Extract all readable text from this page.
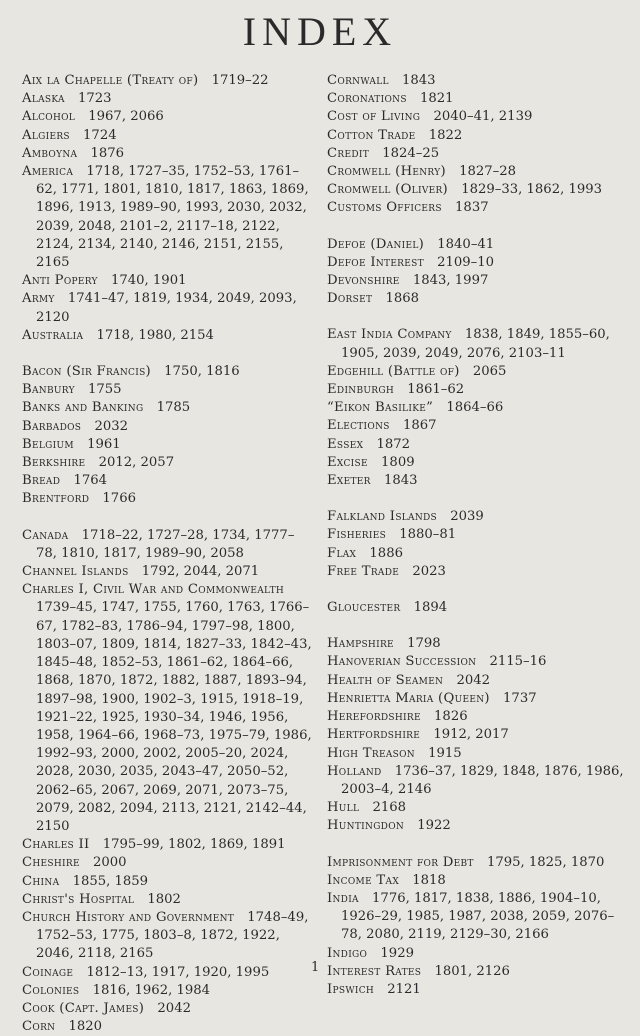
INDEX

Aix la Chapelle (Treaty of)  1719–22

Alaska  1723

Alcohol  1967, 2066

Algiers  1724

Amboyna  1876

America  1718, 1727–35, 1752–53, 1761–62, 1771, 1801, 1810, 1817, 1863, 1869, 1896, 1913, 1989–90, 1993, 2030, 2032, 2039, 2048, 2101–2, 2117–18, 2122, 2124, 2134, 2140, 2146, 2151, 2155, 2165

Anti Popery  1740, 1901

Army  1741–47, 1819, 1934, 2049, 2093, 2120

Australia  1718, 1980, 2154

Bacon (Sir Francis)  1750, 1816

Banbury  1755

Banks and Banking  1785

Barbados  2032

Belgium  1961

Berkshire  2012, 2057

Bread  1764

Brentford  1766

Canada  1718–22, 1727–28, 1734, 1777–78, 1810, 1817, 1989–90, 2058

Channel Islands  1792, 2044, 2071

Charles I, Civil War and Commonwealth 1739–45, 1747, 1755, 1760, 1763, 1766–67, 1782–83, 1786–94, 1797–98, 1800, 1803–07, 1809, 1814, 1827–33, 1842–43, 1845–48, 1852–53, 1861–62, 1864–66, 1868, 1870, 1872, 1882, 1887, 1893–94, 1897–98, 1900, 1902–3, 1915, 1918–19, 1921–22, 1925, 1930–34, 1946, 1956, 1958, 1964–66, 1968–73, 1975–79, 1986, 1992–93, 2000, 2002, 2005–20, 2024, 2028, 2030, 2035, 2043–47, 2050–52, 2062–65, 2067, 2069, 2071, 2073–75, 2079, 2082, 2094, 2113, 2121, 2142–44, 2150

Charles II  1795–99, 1802, 1869, 1891

Cheshire  2000

China  1855, 1859

Christ's Hospital  1802

Church History and Government  1748–49, 1752–53, 1775, 1803–8, 1872, 1922, 2046, 2118, 2165

Coinage  1812–13, 1917, 1920, 1995

Colonies  1816, 1962, 1984

Cook (Capt. James)  2042

Corn  1820

Cornwall  1843

Coronations  1821

Cost of Living  2040–41, 2139

Cotton Trade  1822

Credit  1824–25

Cromwell (Henry)  1827–28

Cromwell (Oliver)  1829–33, 1862, 1993

Customs Officers  1837

Defoe (Daniel)  1840–41

Defoe Interest  2109–10

Devonshire  1843, 1997

Dorset  1868

East India Company  1838, 1849, 1855–60, 1905, 2039, 2049, 2076, 2103–11

Edgehill (Battle of)  2065

Edinburgh  1861–62

“Eikon Basilike”  1864–66

Elections  1867

Essex  1872

Excise  1809

Exeter  1843

Falkland Islands  2039

Fisheries  1880–81

Flax  1886

Free Trade  2023

Gloucester  1894

Hampshire  1798

Hanoverian Succession  2115–16

Health of Seamen  2042

Henrietta Maria (Queen)  1737

Herefordshire  1826

Hertfordshire  1912, 2017

High Treason  1915

Holland  1736–37, 1829, 1848, 1876, 1986, 2003–4, 2146

Hull  2168

Huntingdon  1922

Imprisonment for Debt  1795, 1825, 1870

Income Tax  1818

India  1776, 1817, 1838, 1886, 1904–10, 1926–29, 1985, 1987, 2038, 2059, 2076–78, 2080, 2119, 2129–30, 2166

Indigo  1929

Interest Rates  1801, 2126

Ipswich  2121

1
